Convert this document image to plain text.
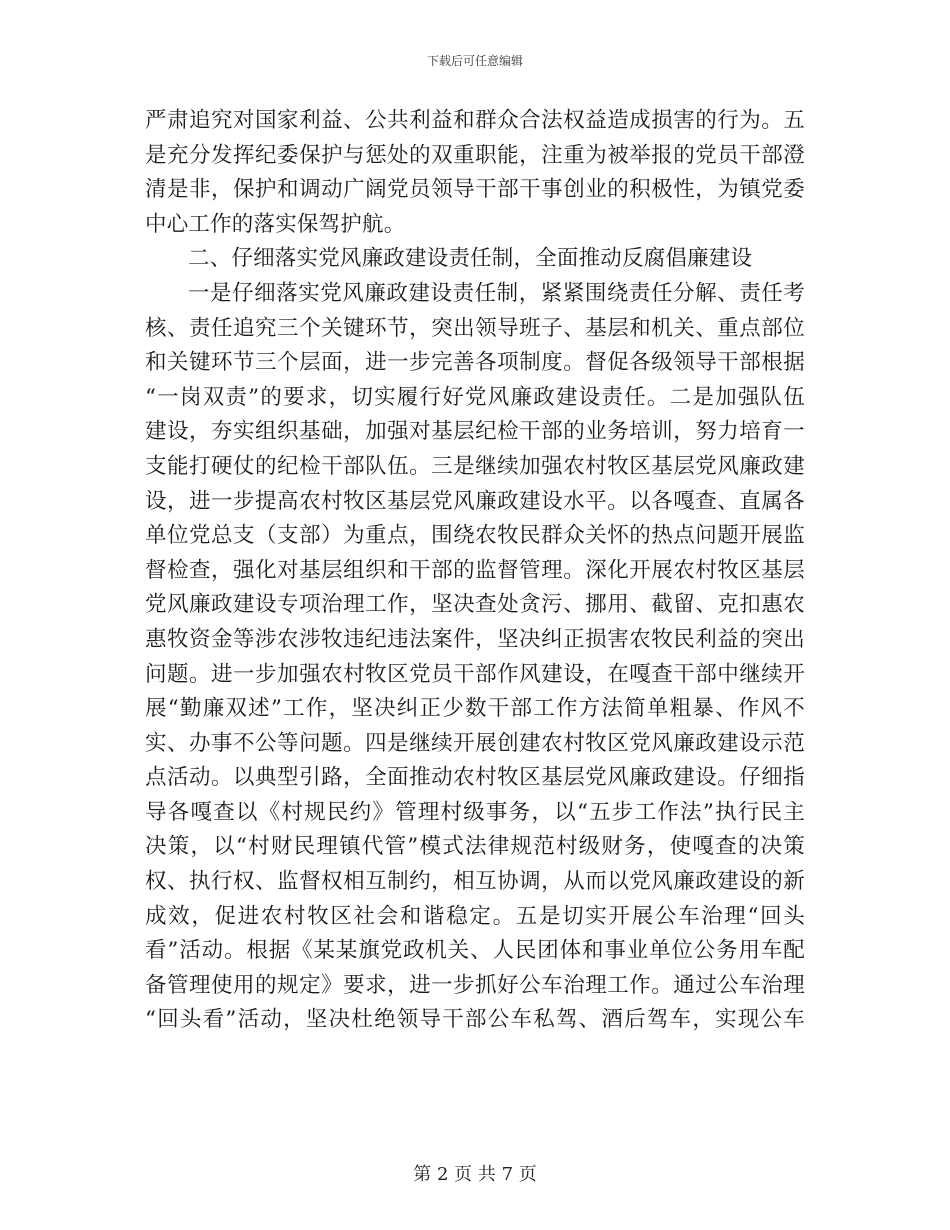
下载后可任意编辑
严肃追究对国家利益、公共利益和群众合法权益造成损害的行为。五
是充分发挥纪委保护与惩处的双重职能，注重为被举报的党员干部澄
清是非，保护和调动广阔党员领导干部干事创业的积极性，为镇党委
中心工作的落实保驾护航。
二、仔细落实党风廉政建设责任制，全面推动反腐倡廉建设
一是仔细落实党风廉政建设责任制，紧紧围绕责任分解、责任考
核、责任追究三个关键环节，突出领导班子、基层和机关、重点部位
和关键环节三个层面，进一步完善各项制度。督促各级领导干部根据
“一岗双责”的要求，切实履行好党风廉政建设责任。二是加强队伍
建设，夯实组织基础，加强对基层纪检干部的业务培训，努力培育一
支能打硬仗的纪检干部队伍。三是继续加强农村牧区基层党风廉政建
设，进一步提高农村牧区基层党风廉政建设水平。以各嘎查、直属各
单位党总支（支部）为重点，围绕农牧民群众关怀的热点问题开展监
督检查，强化对基层组织和干部的监督管理。深化开展农村牧区基层
党风廉政建设专项治理工作，坚决查处贪污、挪用、截留、克扣惠农
惠牧资金等涉农涉牧违纪违法案件，坚决纠正损害农牧民利益的突出
问题。进一步加强农村牧区党员干部作风建设，在嘎查干部中继续开
展“勤廉双述”工作，坚决纠正少数干部工作方法简单粗暴、作风不
实、办事不公等问题。四是继续开展创建农村牧区党风廉政建设示范
点活动。以典型引路，全面推动农村牧区基层党风廉政建设。仔细指
导各嘎查以《村规民约》管理村级事务，以“五步工作法”执行民主
决策，以“村财民理镇代管”模式法律规范村级财务，使嘎查的决策
权、执行权、监督权相互制约，相互协调，从而以党风廉政建设的新
成效，促进农村牧区社会和谐稳定。五是切实开展公车治理“回头
看”活动。根据《某某旗党政机关、人民团体和事业单位公务用车配
备管理使用的规定》要求，进一步抓好公车治理工作。通过公车治理
“回头看”活动，坚决杜绝领导干部公车私驾、酒后驾车，实现公车
第 2 页 共 7 页
